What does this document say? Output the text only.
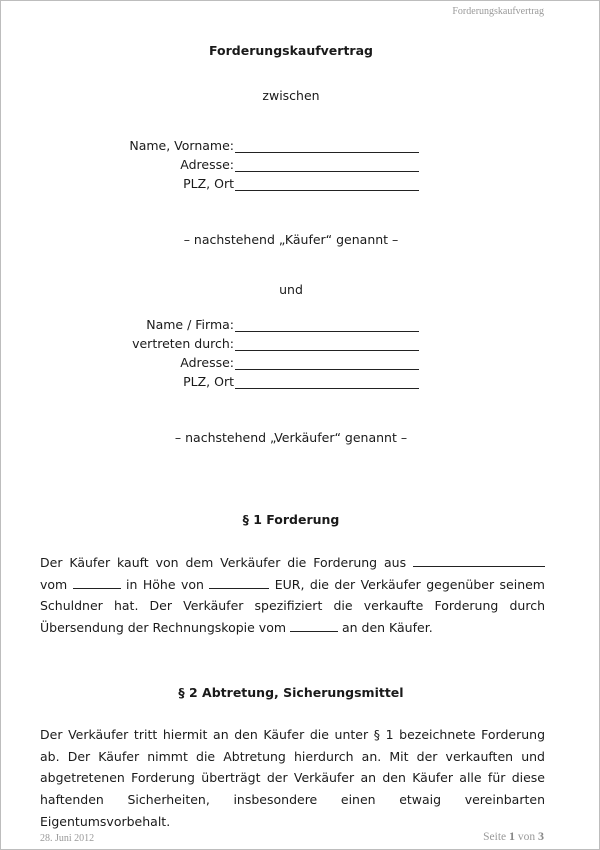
Forderungskaufvertrag
Forderungskaufvertrag
zwischen
Name, Vorname:
Adresse:
PLZ, Ort
– nachstehend „Käufer“ genannt –
und
Name / Firma:
vertreten durch:
Adresse:
PLZ, Ort
– nachstehend „Verkäufer“ genannt –
§ 1 Forderung
Der Käufer kauft von dem Verkäufer die Forderung aus  vom	in Höhe von	EUR, die der Verkäufer gegenüber seinem Schuldner hat. Der Verkäufer spezifiziert die verkaufte Forderung durch Übersendung der Rechnungskopie vom	an den Käufer.
§ 2 Abtretung, Sicherungsmittel
Der Verkäufer tritt hiermit an den Käufer die unter § 1 bezeichnete Forderung ab. Der Käufer nimmt die Abtretung hierdurch an. Mit der verkauften und abgetretenen Forderung überträgt der Verkäufer an den Käufer alle für diese haftenden Sicherheiten, insbesondere einen etwaig vereinbarten Eigentumsvorbehalt.
28. Juni 2012	Seite 1 von 3
